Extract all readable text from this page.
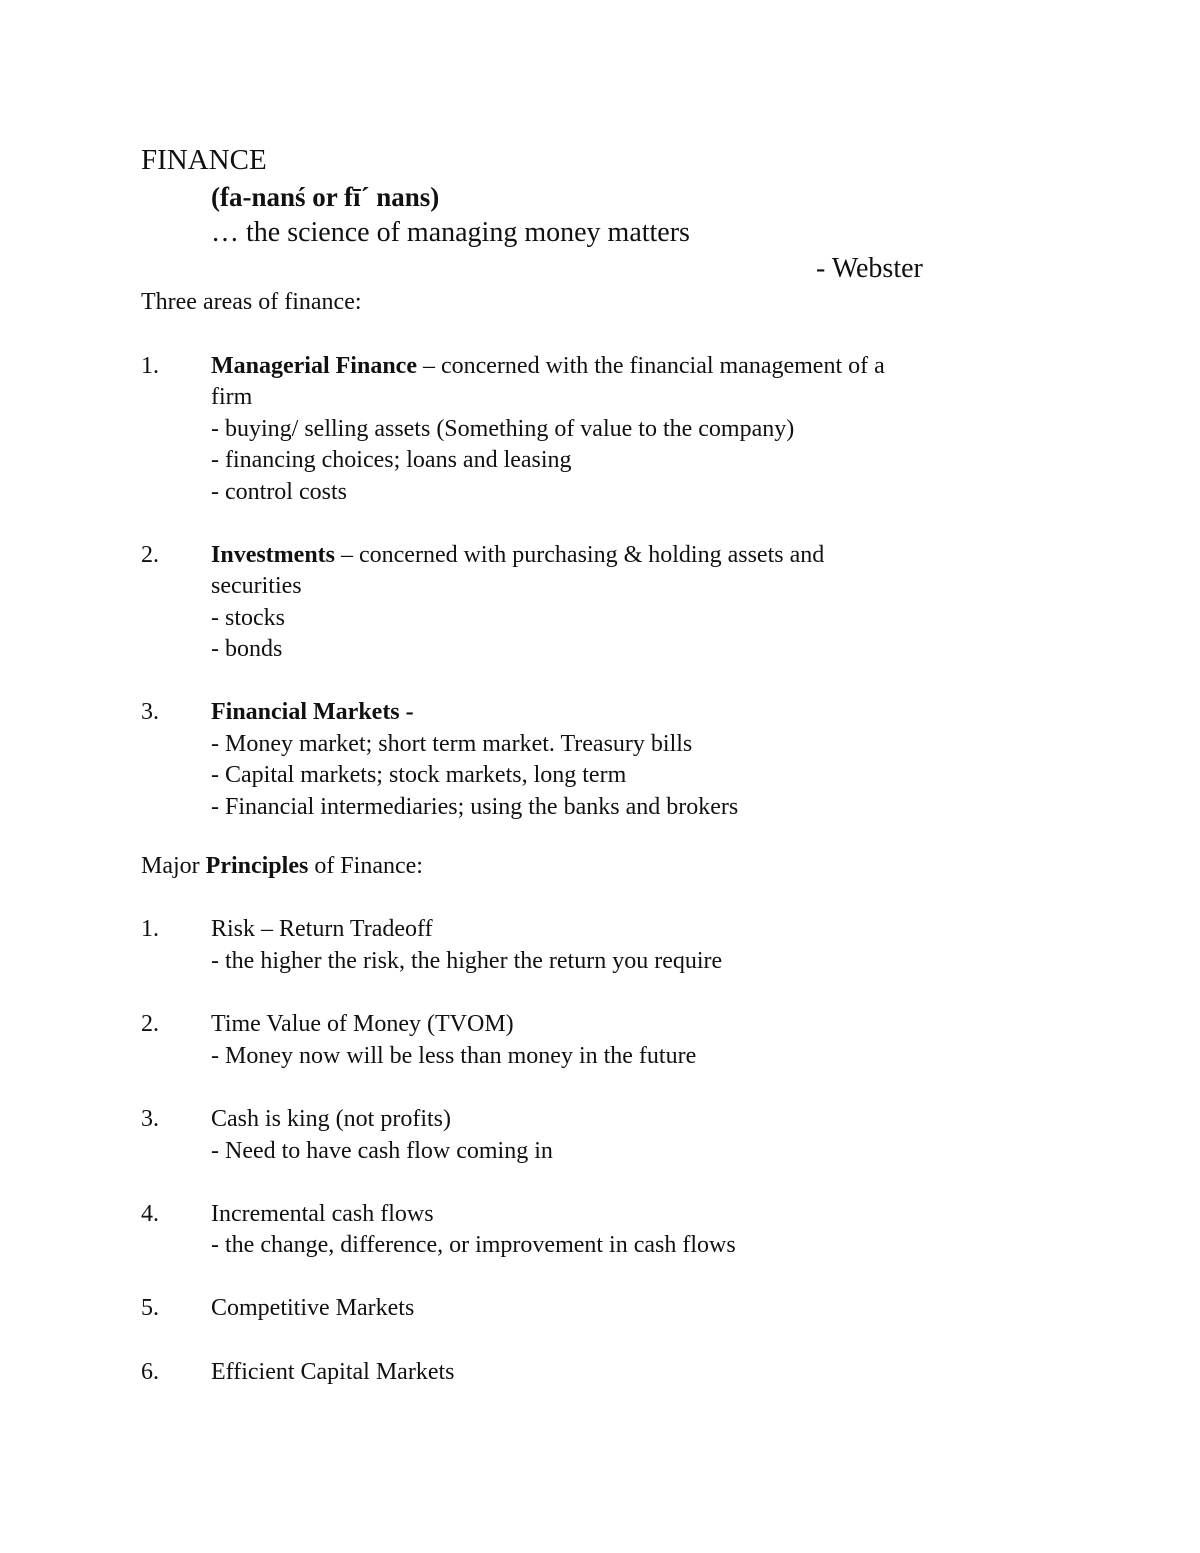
FINANCE
(fa-nanś or fī´ nans)
… the science of managing money matters
- Webster
Three areas of finance:
1. Managerial Finance – concerned with the financial management of a
firm
- buying/ selling assets (Something of value to the company)
- financing choices; loans and leasing
- control costs
2. Investments – concerned with purchasing & holding assets and
securities
- stocks
- bonds
3. Financial Markets -
- Money market; short term market. Treasury bills
- Capital markets; stock markets, long term
- Financial intermediaries; using the banks and brokers
Major Principles of Finance:
1. Risk – Return Tradeoff
- the higher the risk, the higher the return you require
2. Time Value of Money (TVOM)
- Money now will be less than money in the future
3. Cash is king (not profits)
- Need to have cash flow coming in
4. Incremental cash flows
- the change, difference, or improvement in cash flows
5. Competitive Markets
6. Efficient Capital Markets
